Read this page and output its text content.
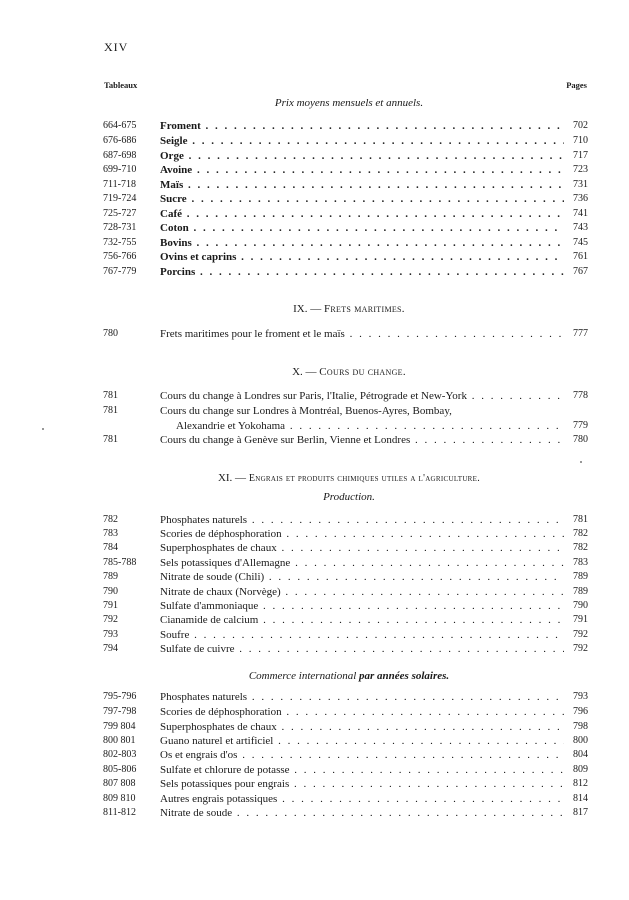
XIV
Tableaux	Pages
Prix moyens mensuels et annuels.
664-675	Froment . . .	702
676-686	Seigle . . .	710
687-698	Orge . . .	717
699-710	Avoine . . .	723
711-718	Maïs . . .	731
719-724	Sucre . . .	736
725-727	Café . . .	741
728-731	Coton . . .	743
732-755	Bovins . . .	745
756-766	Ovins et caprins . . .	761
767-779	Porcins . . .	767
IX. — Frets maritimes.
780	Frets maritimes pour le froment et le maïs . . .	777
X. — Cours du change.
781	Cours du change à Londres sur Paris, l'Italie, Pétrograde et New-York . . .	778
781	Cours du change sur Londres à Montréal, Buenos-Ayres, Bombay,
Alexandrie et Yokohama . . .	779
781	Cours du change à Genève sur Berlin, Vienne et Londres . . .	780
XI. — Engrais et produits chimiques utiles a l'agriculture.
Production.
782	Phosphates naturels . . .	781
783	Scories de déphosphoration . . .	782
784	Superphosphates de chaux . . .	782
785-788	Sels potassiques d'Allemagne . . .	783
789	Nitrate de soude (Chili) . . .	789
790	Nitrate de chaux (Norvège) . . .	789
791	Sulfate d'ammoniaque . . .	790
792	Cianamide de calcium . . .	791
793	Soufre . . .	792
794	Sulfate de cuivre . . .	792
Commerce international par années solaires.
795-796	Phosphates naturels . . .	793
797-798	Scories de déphosphoration . . .	796
799 804	Superphosphates de chaux . . .	798
800 801	Guano naturel et artificiel . . .	800
802-803	Os et engrais d'os . . .	804
805-806	Sulfate et chlorure de potasse . . .	809
807 808	Sels potassiques pour engrais . . .	812
809 810	Autres engrais potassiques . . .	814
811-812	Nitrate de soude . . .	817
